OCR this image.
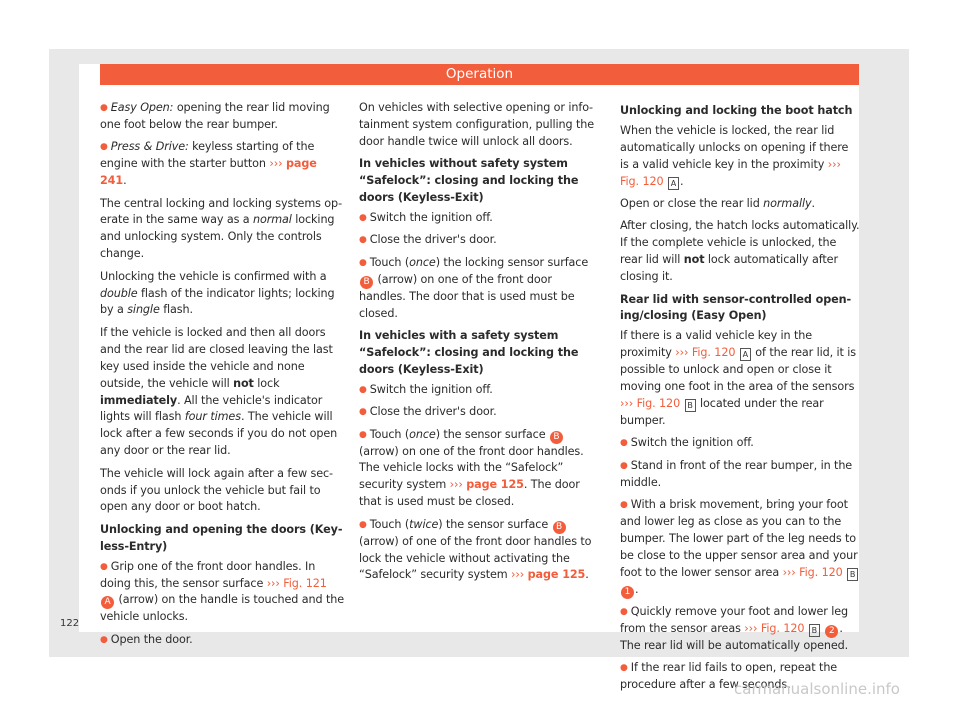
Operation

● Easy Open: opening the rear lid moving one foot below the rear bumper.

● Press & Drive: keyless starting of the engine with the starter button ››› page 241.

The central locking and locking systems operate in the same way as a normal locking and unlocking system. Only the controls change.

Unlocking the vehicle is confirmed with a double flash of the indicator lights; locking by a single flash.

If the vehicle is locked and then all doors and the rear lid are closed leaving the last key used inside the vehicle and none outside, the vehicle will not lock immediately. All the vehicle's indicator lights will flash four times. The vehicle will lock after a few seconds if you do not open any door or the rear lid.

The vehicle will lock again after a few seconds if you unlock the vehicle but fail to open any door or boot hatch.

Unlocking and opening the doors (Keyless-Entry)

● Grip one of the front door handles. In doing this, the sensor surface ››› Fig. 121 A (arrow) on the handle is touched and the vehicle unlocks.

● Open the door.

On vehicles with selective opening or infotainment system configuration, pulling the door handle twice will unlock all doors.

In vehicles without safety system “Safelock”: closing and locking the doors (Keyless-Exit)

● Switch the ignition off.

● Close the driver's door.

● Touch (once) the locking sensor surface B (arrow) on one of the front door handles. The door that is used must be closed.

In vehicles with a safety system “Safelock”: closing and locking the doors (Keyless-Exit)

● Switch the ignition off.

● Close the driver's door.

● Touch (once) the sensor surface B (arrow) on one of the front door handles. The vehicle locks with the “Safelock” security system ››› page 125. The door that is used must be closed.

● Touch (twice) the sensor surface B (arrow) of one of the front door handles to lock the vehicle without activating the “Safelock” security system ››› page 125.

Unlocking and locking the boot hatch

When the vehicle is locked, the rear lid automatically unlocks on opening if there is a valid vehicle key in the proximity ››› Fig. 120 A .

Open or close the rear lid normally.

After closing, the hatch locks automatically. If the complete vehicle is unlocked, the rear lid will not lock automatically after closing it.

Rear lid with sensor-controlled opening/closing (Easy Open)

If there is a valid vehicle key in the proximity ››› Fig. 120 A of the rear lid, it is possible to unlock and open or close it moving one foot in the area of the sensors ››› Fig. 120 B located under the rear bumper.

● Switch the ignition off.

● Stand in front of the rear bumper, in the middle.

● With a brisk movement, bring your foot and lower leg as close as you can to the bumper. The lower part of the leg needs to be close to the upper sensor area and your foot to the lower sensor area ››› Fig. 120 B 1 .

● Quickly remove your foot and lower leg from the sensor areas ››› Fig. 120 B 2 . The rear lid will be automatically opened.

● If the rear lid fails to open, repeat the procedure after a few seconds.

122
carmanualsonline.info
